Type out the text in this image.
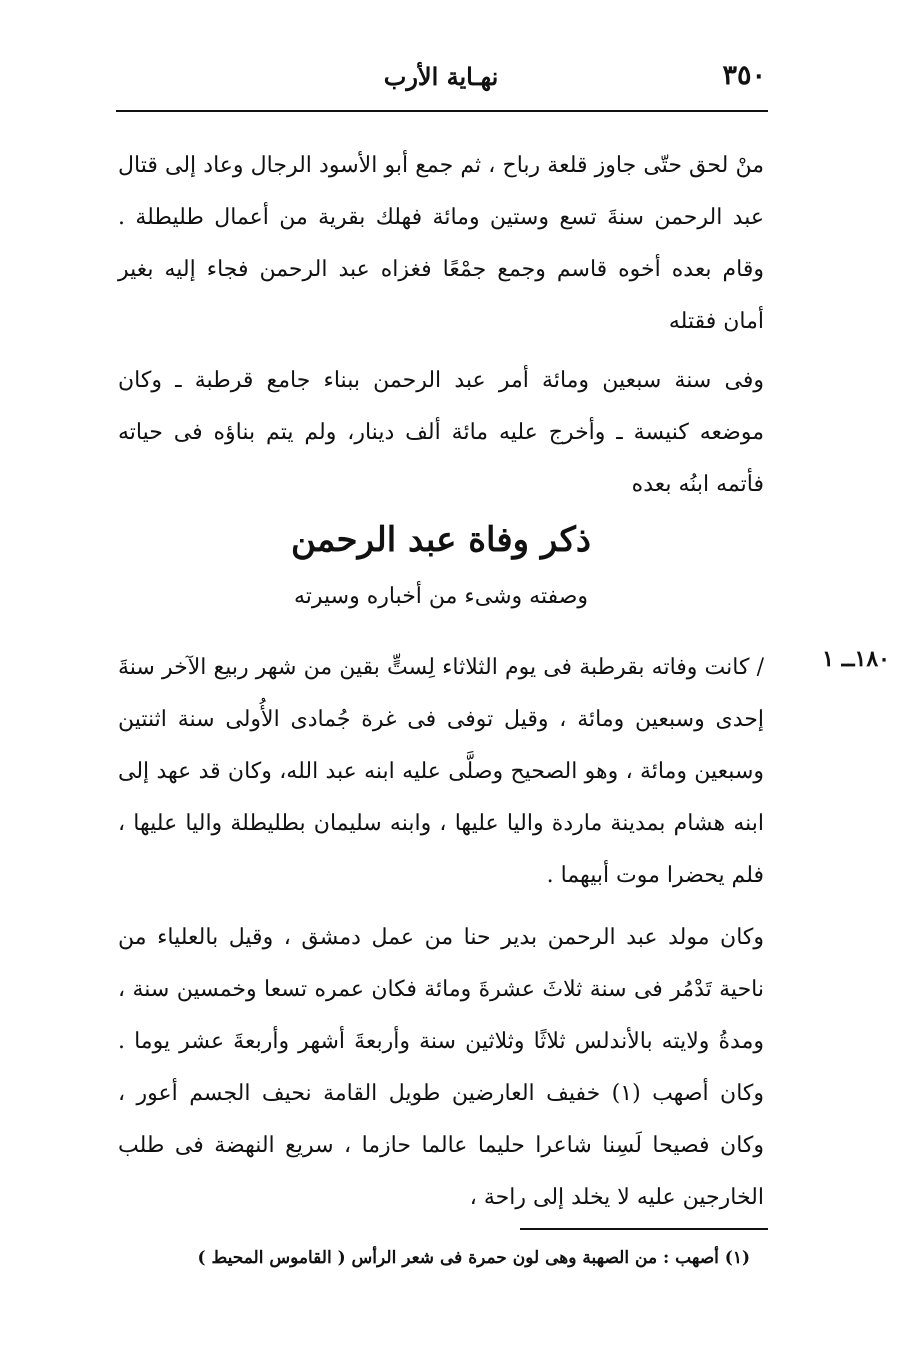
٣٥٠
نهـاية الأرب

منْ لحق حتّى جاوز قلعة رباح ، ثم جمع أبو الأسود الرجال وعاد إلى قتال عبد الرحمن سنةَ تسع وستين ومائة فهلك بقرية من أعمال طليطلة . وقام بعده أخوه قاسم وجمع جمْعًا فغزاه عبد الرحمن فجاء إليه بغير أمان فقتله

وفى سنة سبعين ومائة أمر عبد الرحمن ببناء جامع قرطبة ـ وكان موضعه كنيسة ـ وأخرج عليه مائة ألف دينار، ولم يتم بناؤه فى حياته فأتمه ابنُه بعده

ذكر وفاة عبد الرحمن
وصفته وشىء من أخباره وسيرته
١٨٠ــ ١

/ كانت وفاته بقرطبة فى يوم الثلاثاء لِستٍّ بقين من شهر ربيع الآخر سنةَ إحدى وسبعين ومائة ، وقيل توفى فى غرة جُمادى الأُولى سنة اثنتين وسبعين ومائة ، وهو الصحيح وصلَّى عليه ابنه عبد الله، وكان قد عهد إلى ابنه هشام بمدينة ماردة واليا عليها ، وابنه سليمان بطليطلة واليا عليها ، فلم يحضرا موت أبيهما .

وكان مولد عبد الرحمن بدير حنا من عمل دمشق ، وقيل بالعلياء من ناحية تَدْمُر فى سنة ثلاثَ عشرةَ ومائة فكان عمره تسعا وخمسين سنة ، ومدةُ ولايته بالأندلس ثلاثًا وثلاثين سنة وأربعةَ أشهر وأربعةَ عشر يوما . وكان أصهب (١) خفيف العارضين طويل القامة نحيف الجسم أعور ، وكان فصيحا لَسِنا شاعرا حليما عالما حازما ، سريع النهضة فى طلب الخارجين عليه لا يخلد إلى راحة ،

(١) أصهب : من الصهبة وهى لون حمرة فى شعر الرأس ( القاموس المحيط )
